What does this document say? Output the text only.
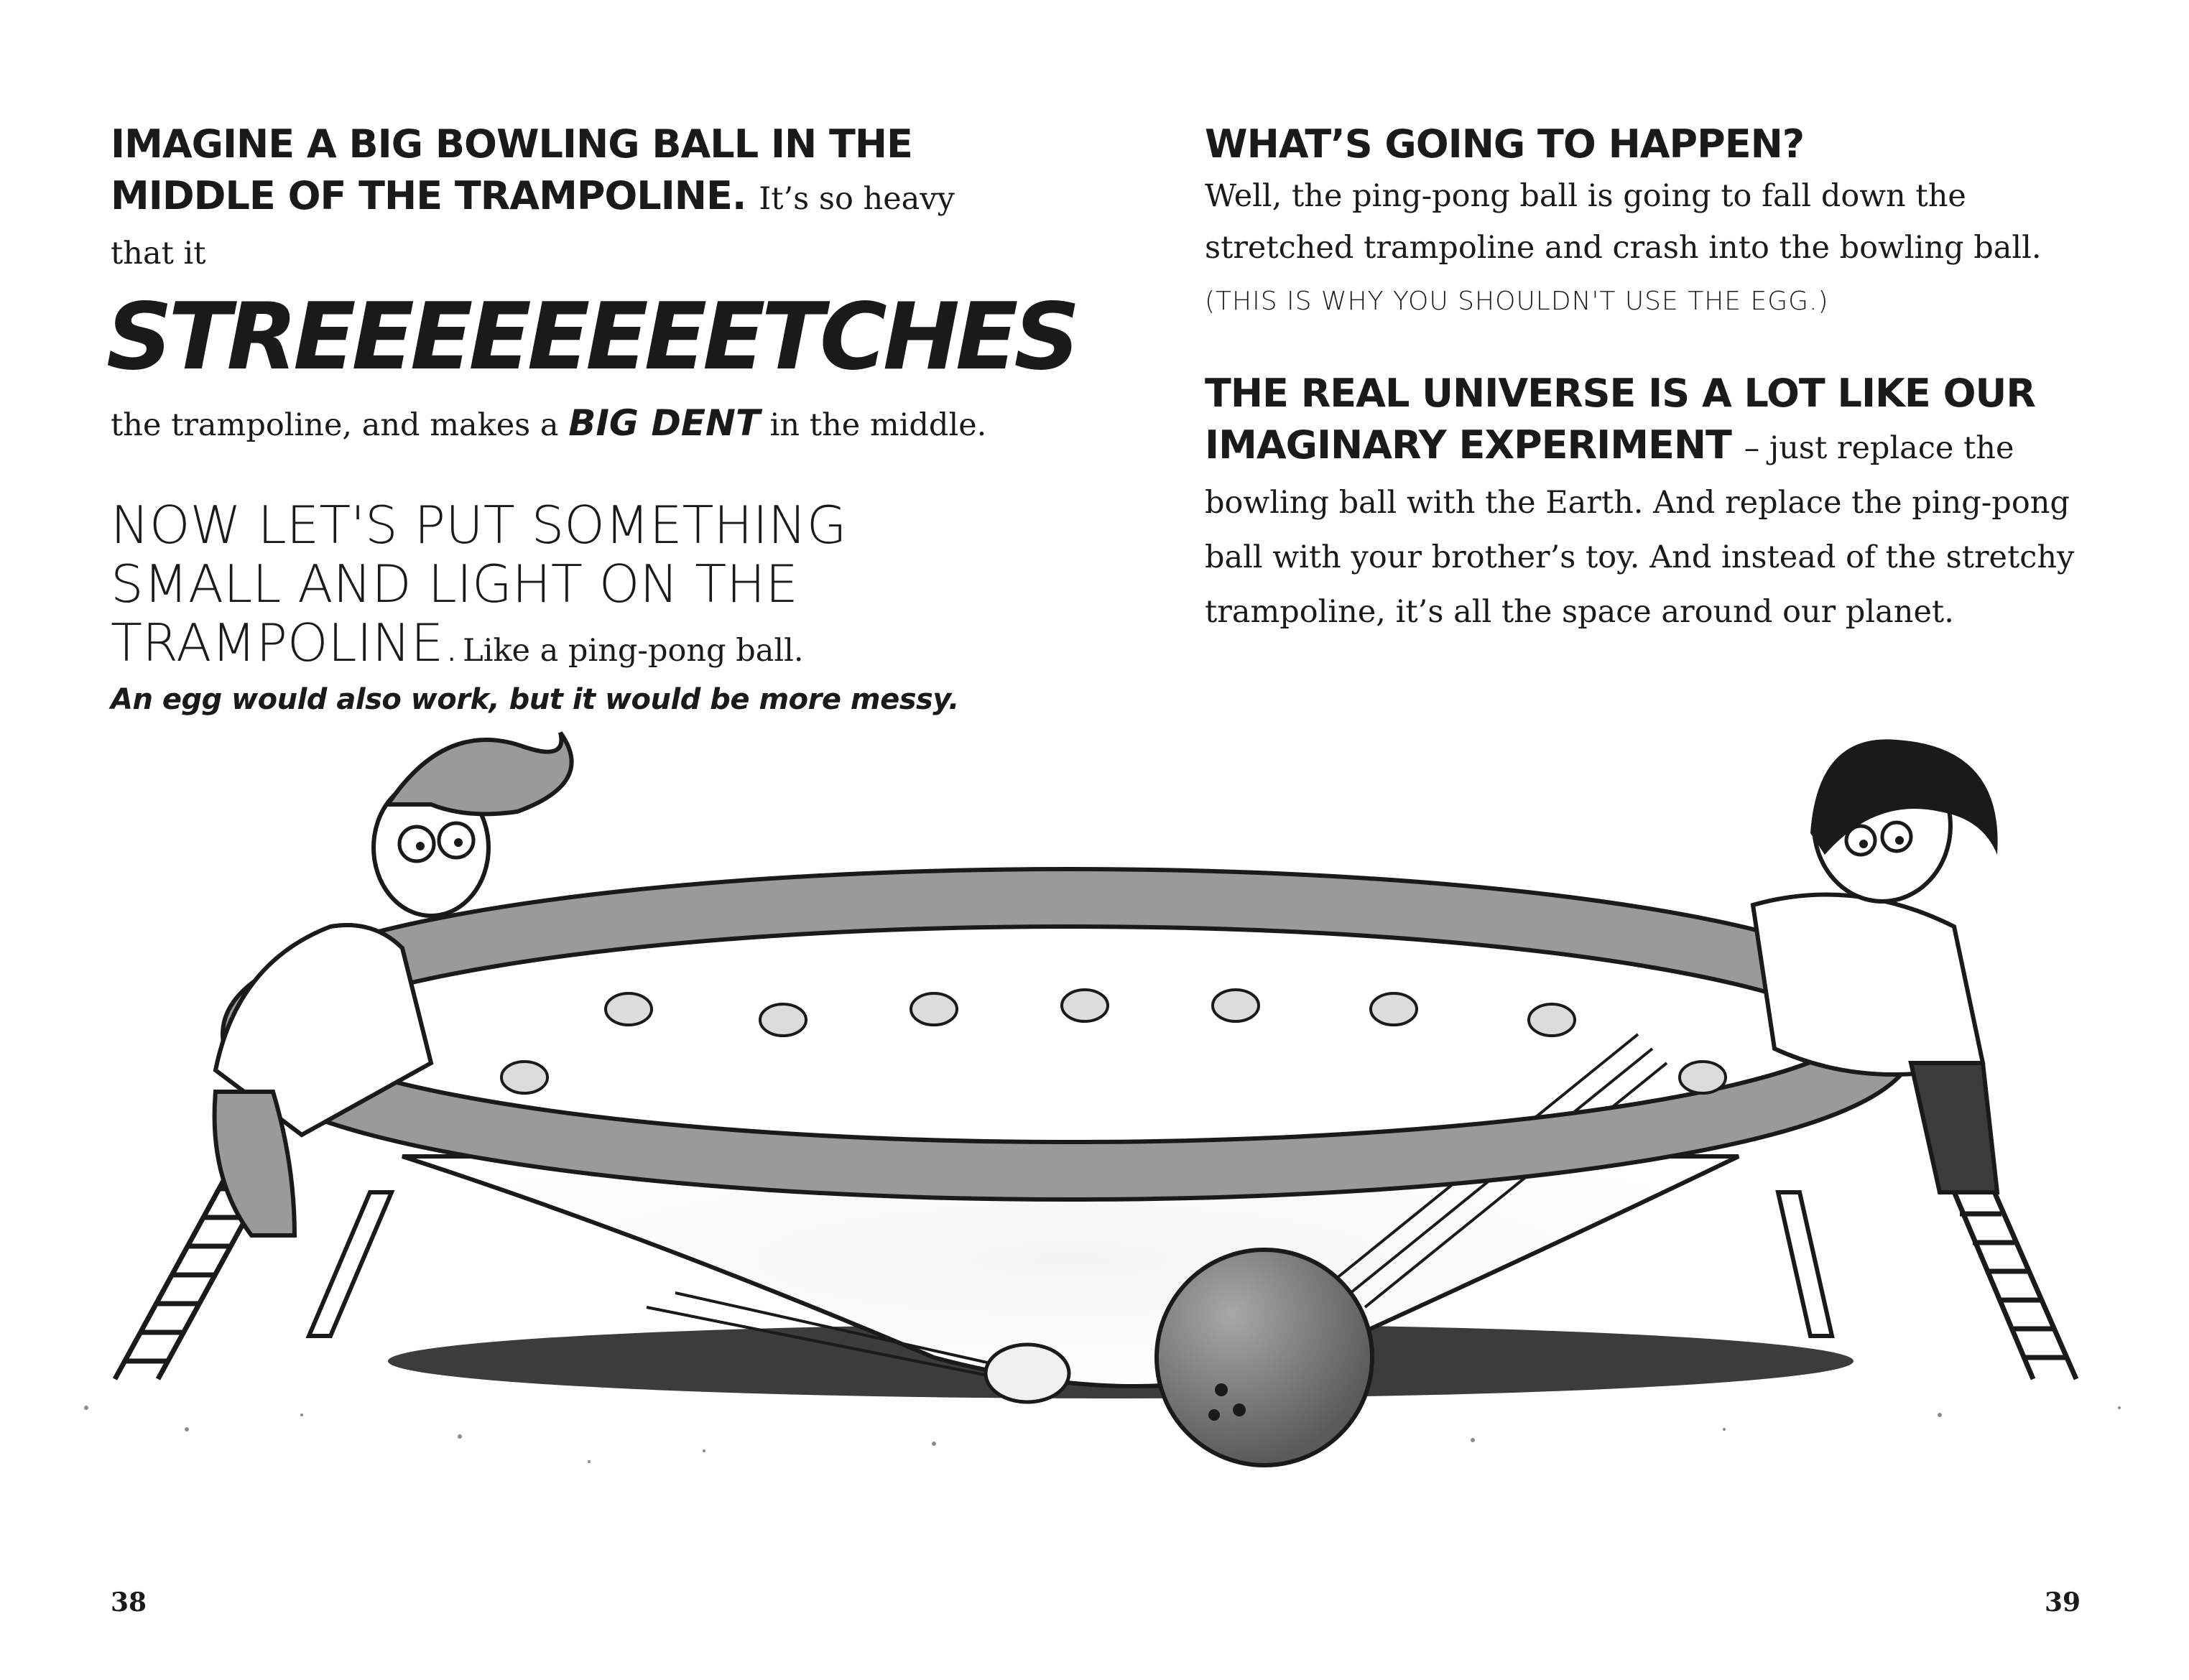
IMAGINE A BIG BOWLING BALL IN THE MIDDLE OF THE TRAMPOLINE. It’s so heavy that it

STREEEEEEEETCHES

the trampoline, and makes a BIG DENT in the middle.

NOW LET'S PUT SOMETHING SMALL AND LIGHT ON THE TRAMPOLINE. Like a ping-pong ball.
An egg would also work, but it would be more messy.

WHAT’S GOING TO HAPPEN?

Well, the ping-pong ball is going to fall down the stretched trampoline and crash into the bowling ball. (THIS IS WHY YOU SHOULDN'T USE THE EGG.)

THE REAL UNIVERSE IS A LOT LIKE OUR IMAGINARY EXPERIMENT – just replace the bowling ball with the Earth. And replace the ping-pong ball with your brother’s toy. And instead of the stretchy trampoline, it’s all the space around our planet.

38	39
